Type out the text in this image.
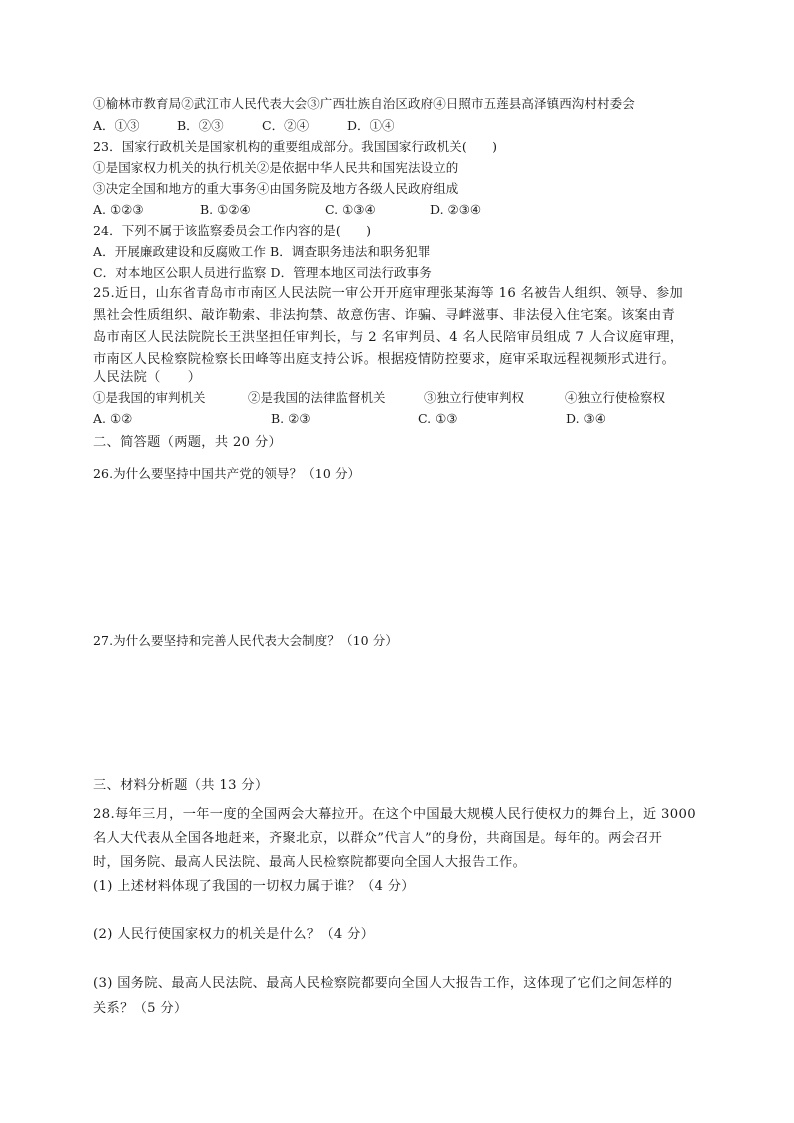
①榆林市教育局②武江市人民代表大会③广西壮族自治区政府④日照市五莲县高泽镇西沟村村委会
A．①③	B．②③	C．②④	D．①④
23．国家行政机关是国家机构的重要组成部分。我国国家行政机关(　　)
①是国家权力机关的执行机关②是依据中华人民共和国宪法设立的
③决定全国和地方的重大事务④由国务院及地方各级人民政府组成
A. ①②③	B. ①②④	C. ①③④	D. ②③④
24．下列不属于该监察委员会工作内容的是(　　)
A．开展廉政建设和反腐败工作 B．调查职务违法和职务犯罪
C．对本地区公职人员进行监察 D．管理本地区司法行政事务
25.近日，山东省青岛市市南区人民法院一审公开开庭审理张某海等 16 名被告人组织、领导、参加
黑社会性质组织、敲诈勒索、非法拘禁、故意伤害、诈骗、寻衅滋事、非法侵入住宅案。该案由青
岛市南区人民法院院长王洪坚担任审判长，与 2 名审判员、4 名人民陪审员组成 7 人合议庭审理，
市南区人民检察院检察长田峰等出庭支持公诉。根据疫情防控要求，庭审采取远程视频形式进行。
人民法院（　　）
①是我国的审判机关	②是我国的法律监督机关	③独立行使审判权	④独立行使检察权
A. ①②	B. ②③	C. ①③	D. ③④
二、简答题（两题，共 20 分）
26.为什么要坚持中国共产党的领导？（10 分）
27.为什么要坚持和完善人民代表大会制度？（10 分）
三、材料分析题（共 13 分）
28.每年三月，一年一度的全国两会大幕拉开。在这个中国最大规模人民行使权力的舞台上，近 3000
名人大代表从全国各地赶来，齐聚北京，以群众”代言人”的身份，共商国是。每年的。两会召开
时，国务院、最高人民法院、最高人民检察院都要向全国人大报告工作。
(1) 上述材料体现了我国的一切权力属于谁？（4 分）
(2) 人民行使国家权力的机关是什么？（4 分）
(3) 国务院、最高人民法院、最高人民检察院都要向全国人大报告工作，这体现了它们之间怎样的
关系？（5 分）
